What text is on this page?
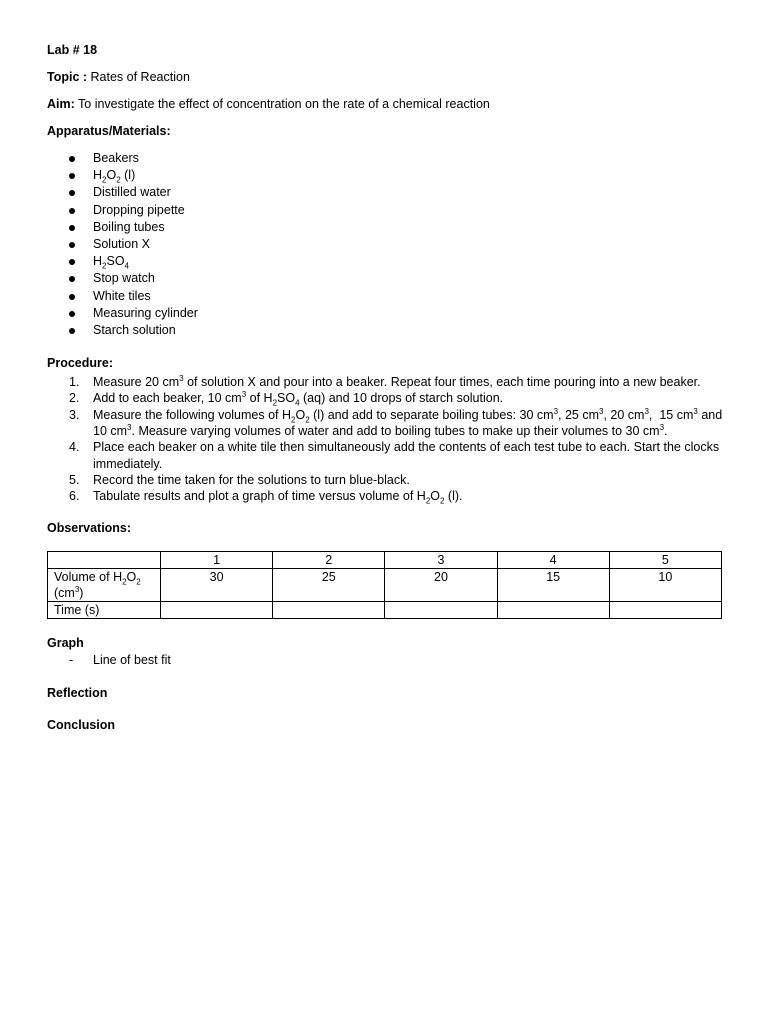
Lab # 18
Topic : Rates of Reaction
Aim: To investigate the effect of concentration on the rate of a chemical reaction
Apparatus/Materials:
Beakers
$H_2O_2$ (l)
Distilled water
Dropping pipette
Boiling tubes
Solution X
$H_2SO_4$
Stop watch
White tiles
Measuring cylinder
Starch solution
Procedure:
1. Measure 20 $cm^3$ of solution X and pour into a beaker. Repeat four times, each time pouring into a new beaker.
2. Add to each beaker, 10 $cm^3$ of $H_2SO_4$ (aq) and 10 drops of starch solution.
3. Measure the following volumes of $H_2O_2$ (l) and add to separate boiling tubes: 30 $cm^3$, 25 $cm^3$, 20 $cm^3$,  15 $cm^3$ and 10 $cm^3$. Measure varying volumes of water and add to boiling tubes to make up their volumes to 30 $cm^3$.
4. Place each beaker on a white tile then simultaneously add the contents of each test tube to each. Start the clocks immediately.
5. Record the time taken for the solutions to turn blue-black.
6. Tabulate results and plot a graph of time versus volume of $H_2O_2$ (l).
Observations:
	1	2	3	4	5
Volume of $H_2O_2$ $(cm^3)$	30	25	20	15	10
Time (s)					
Graph
- Line of best fit
Reflection
Conclusion
